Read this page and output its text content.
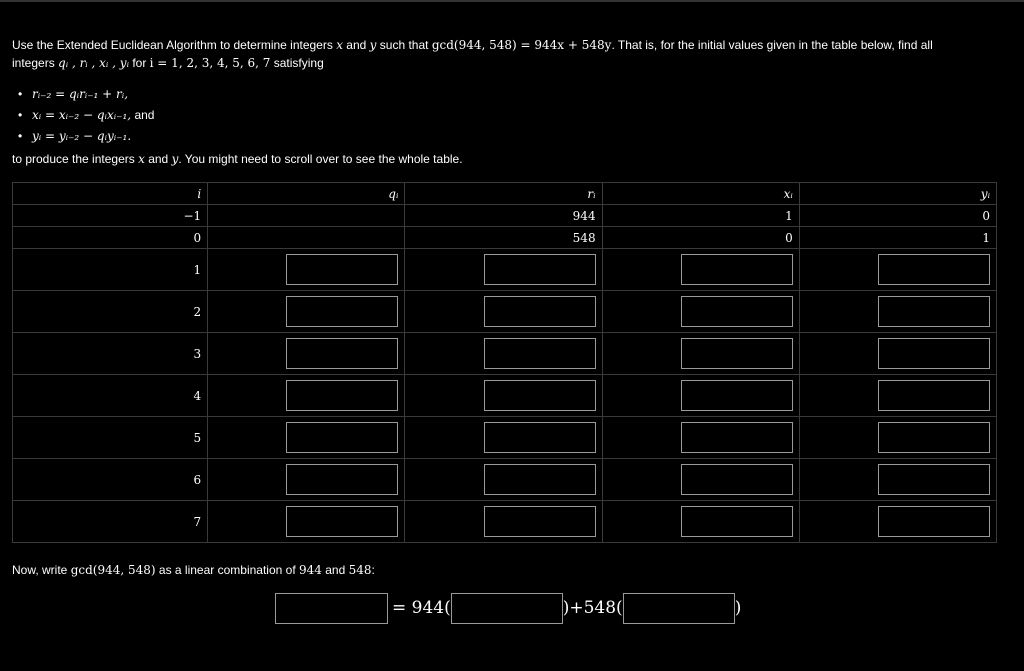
Use the Extended Euclidean Algorithm to determine integers x and y such that gcd(944, 548) = 944x + 548y. That is, for the initial values given in the table below, find all
integers qᵢ , rᵢ , xᵢ , yᵢ for i = 1, 2, 3, 4, 5, 6, 7 satisfying
• rᵢ₋₂ = qᵢrᵢ₋₁ + rᵢ,
• xᵢ = xᵢ₋₂ − qᵢxᵢ₋₁, and
• yᵢ = yᵢ₋₂ − qᵢyᵢ₋₁.
to produce the integers x and y. You might need to scroll over to see the whole table.
i	qᵢ	rᵢ	xᵢ	yᵢ
−1		944	1	0
0		548	0	1
1				
2				
3				
4				
5				
6				
7				
Now, write gcd(944, 548) as a linear combination of 944 and 548:
= 944(	)+548(	)
